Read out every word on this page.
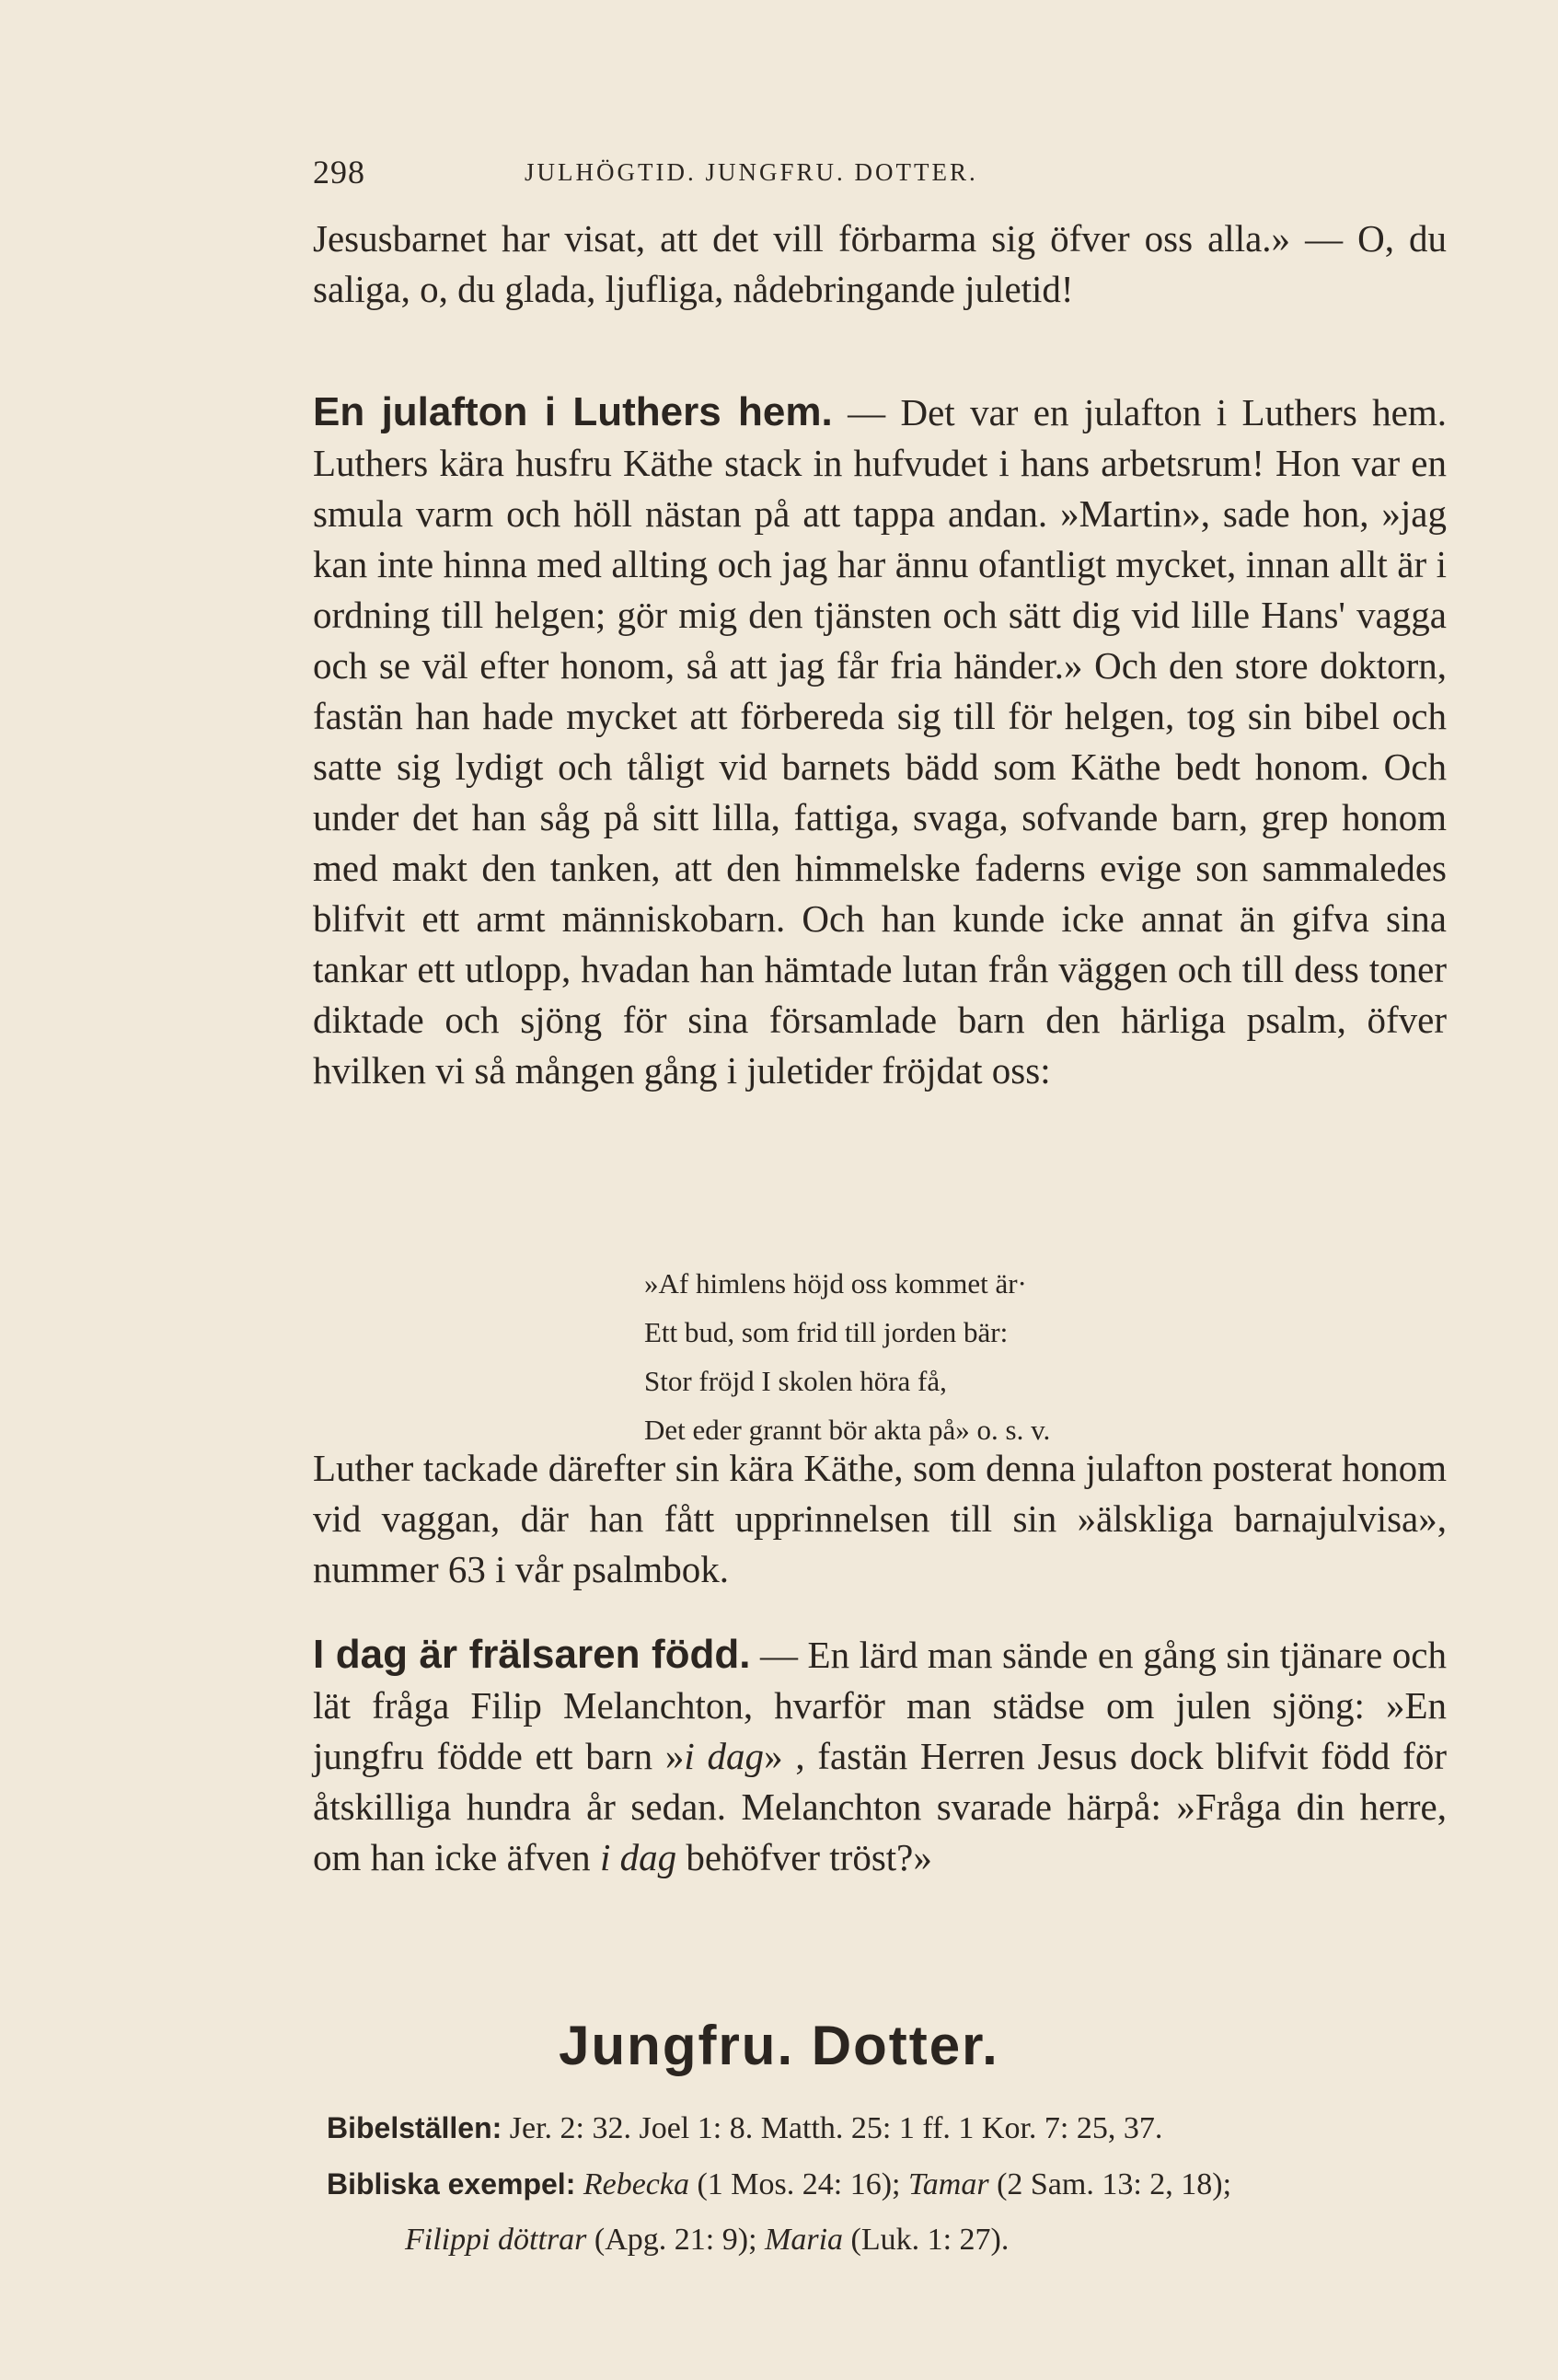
298	JULHÖGTID. JUNGFRU. DOTTER.

Jesusbarnet har visat, att det vill förbarma sig öfver oss alla.» — O, du saliga, o, du glada, ljufliga, nådebringande juletid!

En julafton i Luthers hem. — Det var en julafton i Luthers hem. Luthers kära husfru Käthe stack in hufvudet i hans arbetsrum! Hon var en smula varm och höll nästan på att tappa andan. »Martin», sade hon, »jag kan inte hinna med allting och jag har ännu ofantligt mycket, innan allt är i ordning till helgen; gör mig den tjänsten och sätt dig vid lille Hans' vagga och se väl efter honom, så att jag får fria händer.» Och den store doktorn, fastän han hade mycket att förbereda sig till för helgen, tog sin bibel och satte sig lydigt och tåligt vid barnets bädd som Käthe bedt honom. Och under det han såg på sitt lilla, fattiga, svaga, sofvande barn, grep honom med makt den tanken, att den himmelske faderns evige son sammaledes blifvit ett armt människobarn. Och han kunde icke annat än gifva sina tankar ett utlopp, hvadan han hämtade lutan från väggen och till dess toner diktade och sjöng för sina församlade barn den härliga psalm, öfver hvilken vi så mången gång i juletider fröjdat oss:

»Af himlens höjd oss kommet är·
Ett bud, som frid till jorden bär:
Stor fröjd I skolen höra få,
Det eder grannt bör akta på» o. s. v.

Luther tackade därefter sin kära Käthe, som denna julafton posterat honom vid vaggan, där han fått upprinnelsen till sin »älskliga barnajulvisa», nummer 63 i vår psalmbok.

I dag är frälsaren född. — En lärd man sände en gång sin tjänare och lät fråga Filip Melanchton, hvarför man städse om julen sjöng: »En jungfru födde ett barn »i dag» , fastän Herren Jesus dock blifvit född för åtskilliga hundra år sedan. Melanchton svarade härpå: »Fråga din herre, om han icke äfven i dag behöfver tröst?»

Jungfru. Dotter.
Bibelställen: Jer. 2: 32. Joel 1: 8. Matth. 25: 1 ff. 1 Kor. 7: 25, 37.
Bibliska exempel: Rebecka (1 Mos. 24: 16); Tamar (2 Sam. 13: 2, 18);
Filippi döttrar (Apg. 21: 9); Maria (Luk. 1: 27).
